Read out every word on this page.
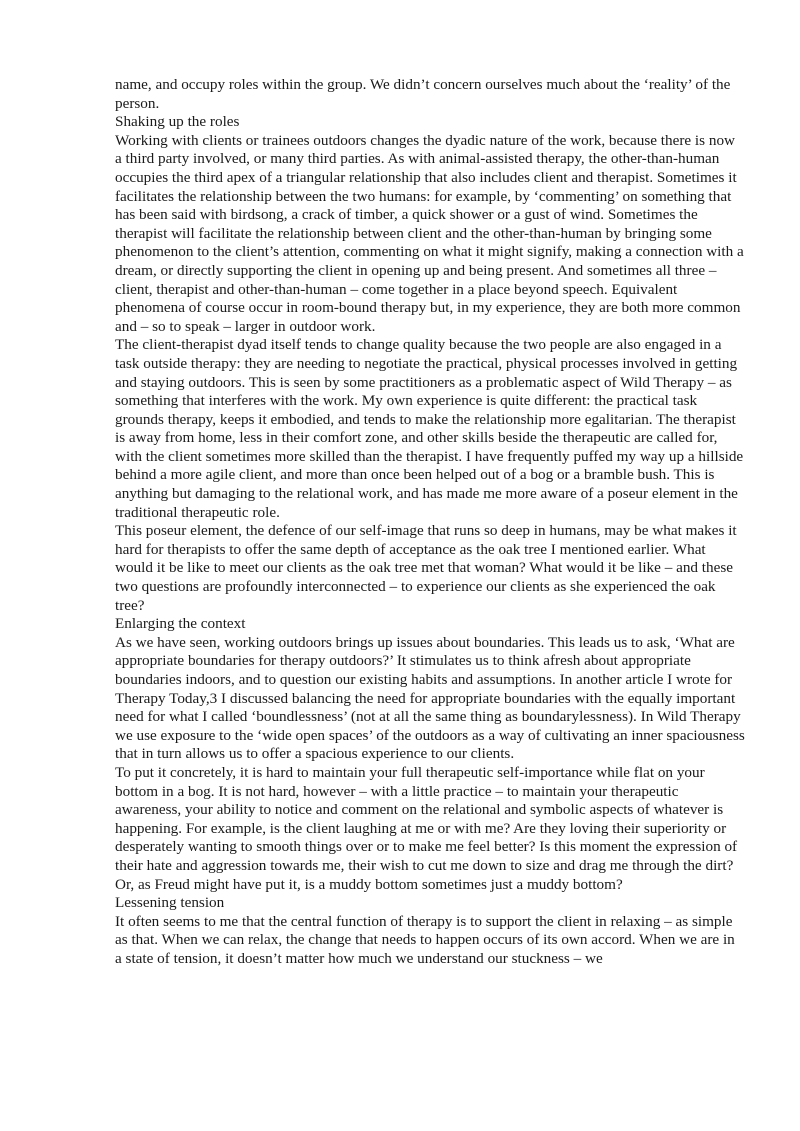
name, and occupy roles within the group. We didn’t concern ourselves much about the ‘reality’ of the person.

Shaking up the roles

Working with clients or trainees outdoors changes the dyadic nature of the work, because there is now a third party involved, or many third parties. As with animal-assisted therapy, the other-than-human occupies the third apex of a triangular relationship that also includes client and therapist. Sometimes it facilitates the relationship between the two humans: for example, by ‘commenting’ on something that has been said with birdsong, a crack of timber, a quick shower or a gust of wind. Sometimes the therapist will facilitate the relationship between client and the other-than-human by bringing some phenomenon to the client’s attention, commenting on what it might signify, making a connection with a dream, or directly supporting the client in opening up and being present. And sometimes all three – client, therapist and other-than-human – come together in a place beyond speech. Equivalent phenomena of course occur in room-bound therapy but, in my experience, they are both more common and – so to speak – larger in outdoor work.

The client-therapist dyad itself tends to change quality because the two people are also engaged in a task outside therapy: they are needing to negotiate the practical, physical processes involved in getting and staying outdoors. This is seen by some practitioners as a problematic aspect of Wild Therapy – as something that interferes with the work. My own experience is quite different: the practical task grounds therapy, keeps it embodied, and tends to make the relationship more egalitarian. The therapist is away from home, less in their comfort zone, and other skills beside the therapeutic are called for, with the client sometimes more skilled than the therapist. I have frequently puffed my way up a hillside behind a more agile client, and more than once been helped out of a bog or a bramble bush. This is anything but damaging to the relational work, and has made me more aware of a poseur element in the traditional therapeutic role.

This poseur element, the defence of our self-image that runs so deep in humans, may be what makes it hard for therapists to offer the same depth of acceptance as the oak tree I mentioned earlier. What would it be like to meet our clients as the oak tree met that woman? What would it be like – and these two questions are profoundly interconnected – to experience our clients as she experienced the oak tree?

Enlarging the context

As we have seen, working outdoors brings up issues about boundaries. This leads us to ask, ‘What are appropriate boundaries for therapy outdoors?’ It stimulates us to think afresh about appropriate boundaries indoors, and to question our existing habits and assumptions. In another article I wrote for Therapy Today,3 I discussed balancing the need for appropriate boundaries with the equally important need for what I called ‘boundlessness’ (not at all the same thing as boundarylessness). In Wild Therapy we use exposure to the ‘wide open spaces’ of the outdoors as a way of cultivating an inner spaciousness that in turn allows us to offer a spacious experience to our clients.

To put it concretely, it is hard to maintain your full therapeutic self-importance while flat on your bottom in a bog. It is not hard, however – with a little practice – to maintain your therapeutic awareness, your ability to notice and comment on the relational and symbolic aspects of whatever is happening. For example, is the client laughing at me or with me? Are they loving their superiority or desperately wanting to smooth things over or to make me feel better? Is this moment the expression of their hate and aggression towards me, their wish to cut me down to size and drag me through the dirt? Or, as Freud might have put it, is a muddy bottom sometimes just a muddy bottom?

Lessening tension

It often seems to me that the central function of therapy is to support the client in relaxing – as simple as that. When we can relax, the change that needs to happen occurs of its own accord. When we are in a state of tension, it doesn’t matter how much we understand our stuckness – we
